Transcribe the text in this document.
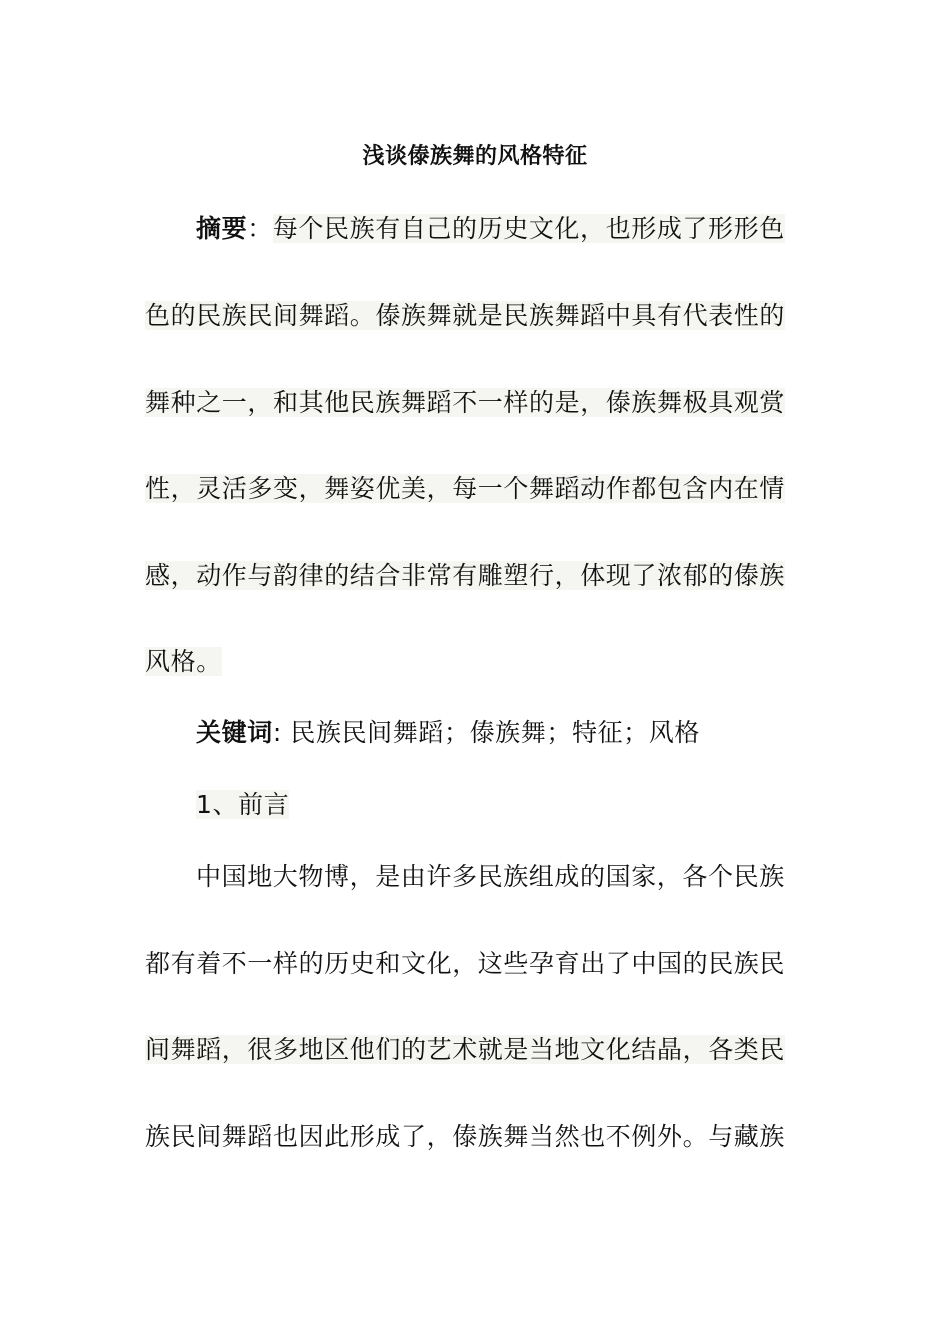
浅谈傣族舞的风格特征
摘要：每个民族有自己的历史文化，也形成了形形色
色的民族民间舞蹈。傣族舞就是民族舞蹈中具有代表性的
舞种之一，和其他民族舞蹈不一样的是，傣族舞极具观赏
性，灵活多变，舞姿优美，每一个舞蹈动作都包含内在情
感，动作与韵律的结合非常有雕塑行，体现了浓郁的傣族
风格。
关键词: 民族民间舞蹈；傣族舞；特征；风格
1、前言
中国地大物博，是由许多民族组成的国家，各个民族
都有着不一样的历史和文化，这些孕育出了中国的民族民
间舞蹈，很多地区他们的艺术就是当地文化结晶，各类民
族民间舞蹈也因此形成了，傣族舞当然也不例外。与藏族
